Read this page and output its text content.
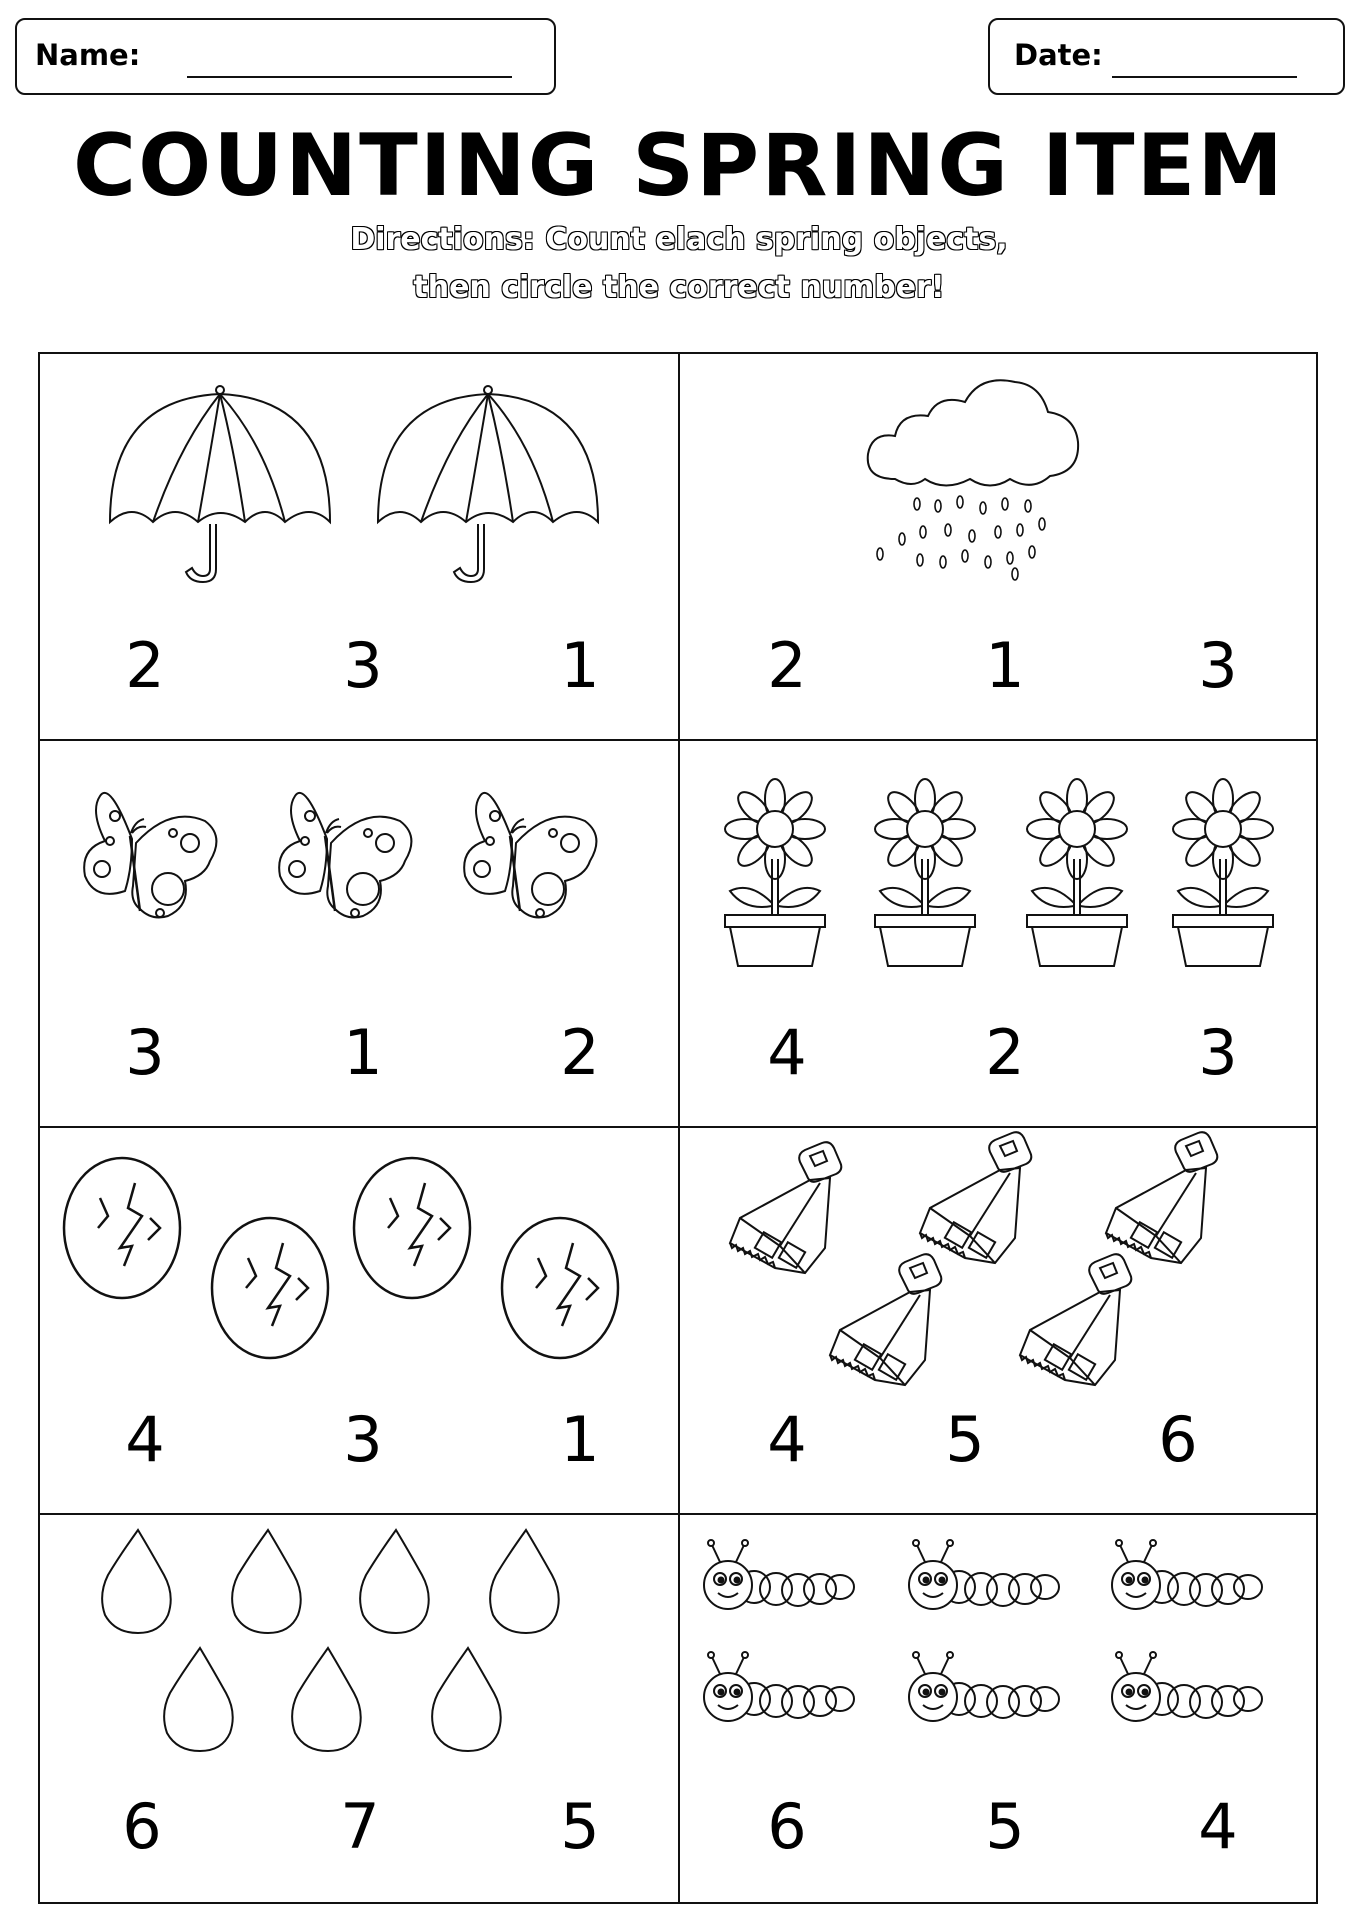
Name:	Date:
COUNTING SPRING ITEM
Directions: Count elach spring objects,
then circle the correct number!
2	3	1	2	1	3
3	1	2	4	2	3
4	3	1	4	5	6
6	7	5	6	5	4
